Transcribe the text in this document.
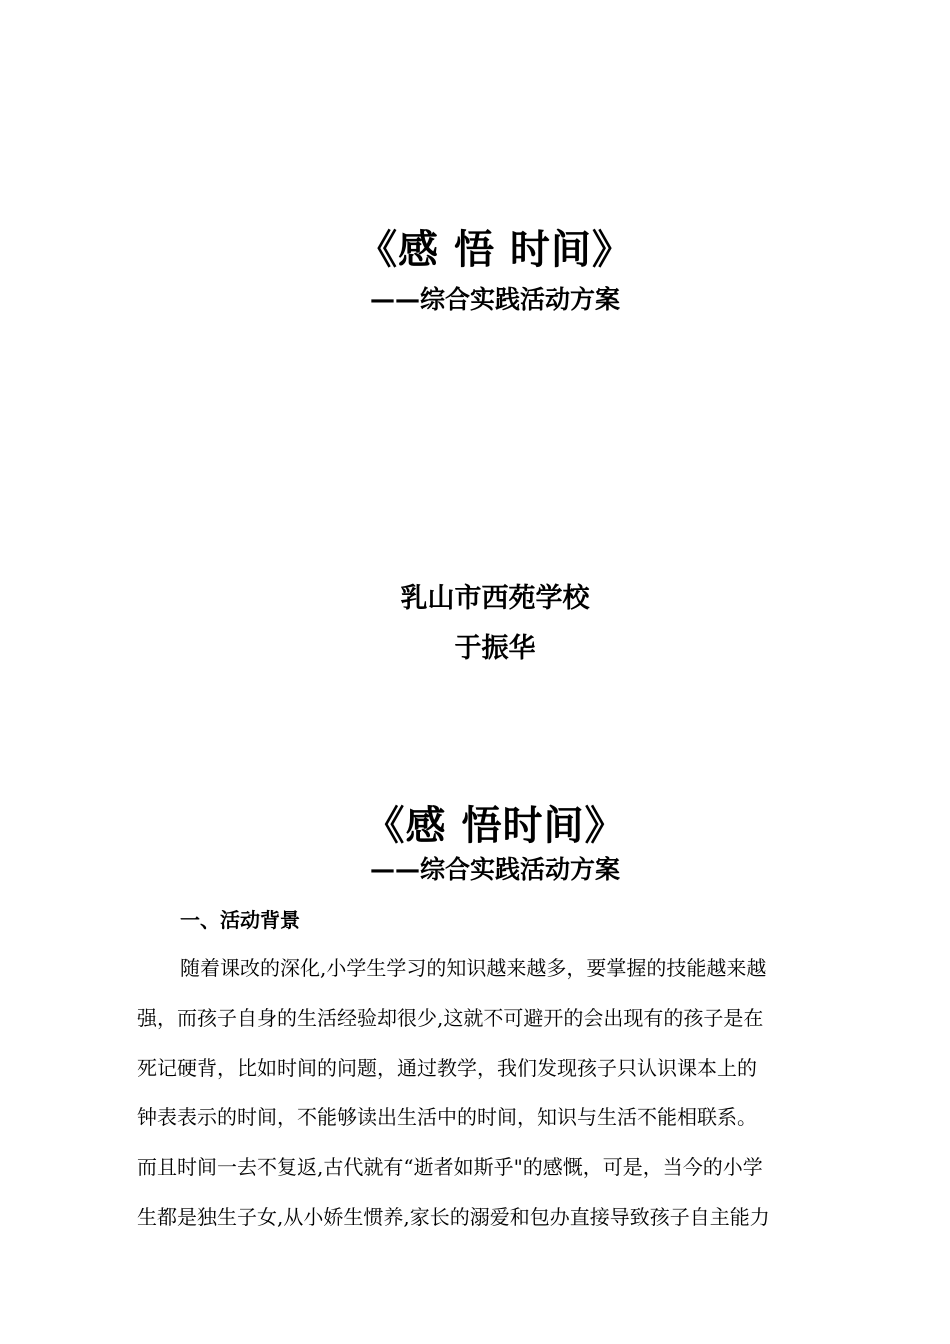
《感 悟 时间》
——综合实践活动方案
乳山市西苑学校
于振华
《感 悟时间》
——综合实践活动方案
一、活动背景
随着课改的深化,小学生学习的知识越来越多，要掌握的技能越来越
强，而孩子自身的生活经验却很少,这就不可避开的会出现有的孩子是在
死记硬背，比如时间的问题，通过教学，我们发现孩子只认识课本上的
钟表表示的时间，不能够读出生活中的时间，知识与生活不能相联系。
而且时间一去不复返,古代就有“逝者如斯乎"的感慨，可是，当今的小学
生都是独生子女,从小娇生惯养,家长的溺爱和包办直接导致孩子自主能力
